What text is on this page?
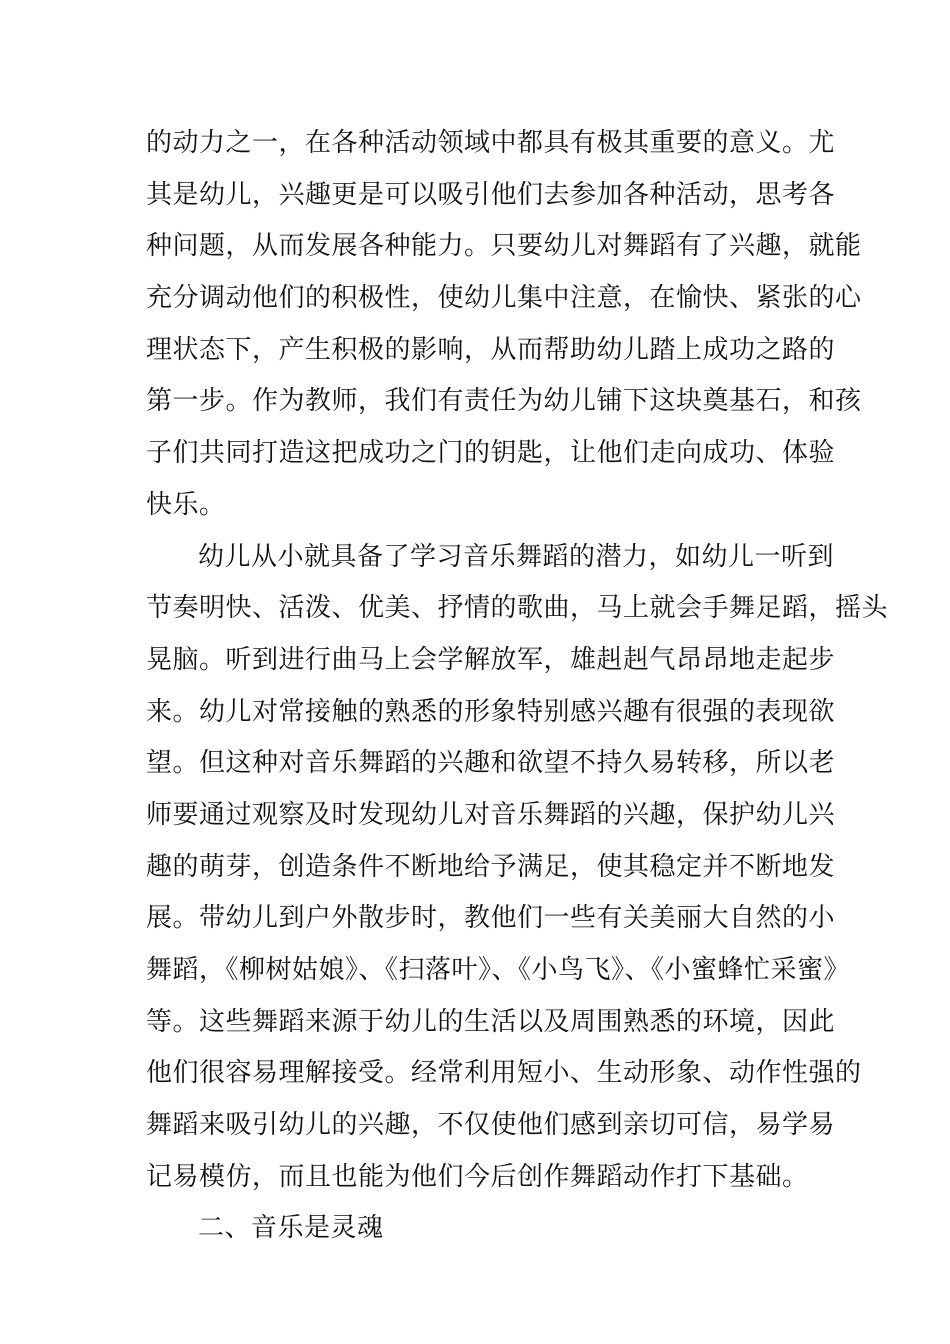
的动力之一，在各种活动领域中都具有极其重要的意义。尤
其是幼儿，兴趣更是可以吸引他们去参加各种活动，思考各
种问题，从而发展各种能力。只要幼儿对舞蹈有了兴趣，就能
充分调动他们的积极性，使幼儿集中注意，在愉快、紧张的心
理状态下，产生积极的影响，从而帮助幼儿踏上成功之路的
第一步。作为教师，我们有责任为幼儿铺下这块奠基石，和孩
子们共同打造这把成功之门的钥匙，让他们走向成功、体验
快乐。
幼儿从小就具备了学习音乐舞蹈的潜力，如幼儿一听到
节奏明快、活泼、优美、抒情的歌曲，马上就会手舞足蹈，摇头
晃脑。听到进行曲马上会学解放军，雄赳赳气昂昂地走起步
来。幼儿对常接触的熟悉的形象特别感兴趣有很强的表现欲
望。但这种对音乐舞蹈的兴趣和欲望不持久易转移，所以老
师要通过观察及时发现幼儿对音乐舞蹈的兴趣，保护幼儿兴
趣的萌芽，创造条件不断地给予满足，使其稳定并不断地发
展。带幼儿到户外散步时，教他们一些有关美丽大自然的小
舞蹈，《柳树姑娘》、《扫落叶》、《小鸟飞》、《小蜜蜂忙采蜜》
等。这些舞蹈来源于幼儿的生活以及周围熟悉的环境，因此
他们很容易理解接受。经常利用短小、生动形象、动作性强的
舞蹈来吸引幼儿的兴趣，不仅使他们感到亲切可信，易学易
记易模仿，而且也能为他们今后创作舞蹈动作打下基础。
二、音乐是灵魂
